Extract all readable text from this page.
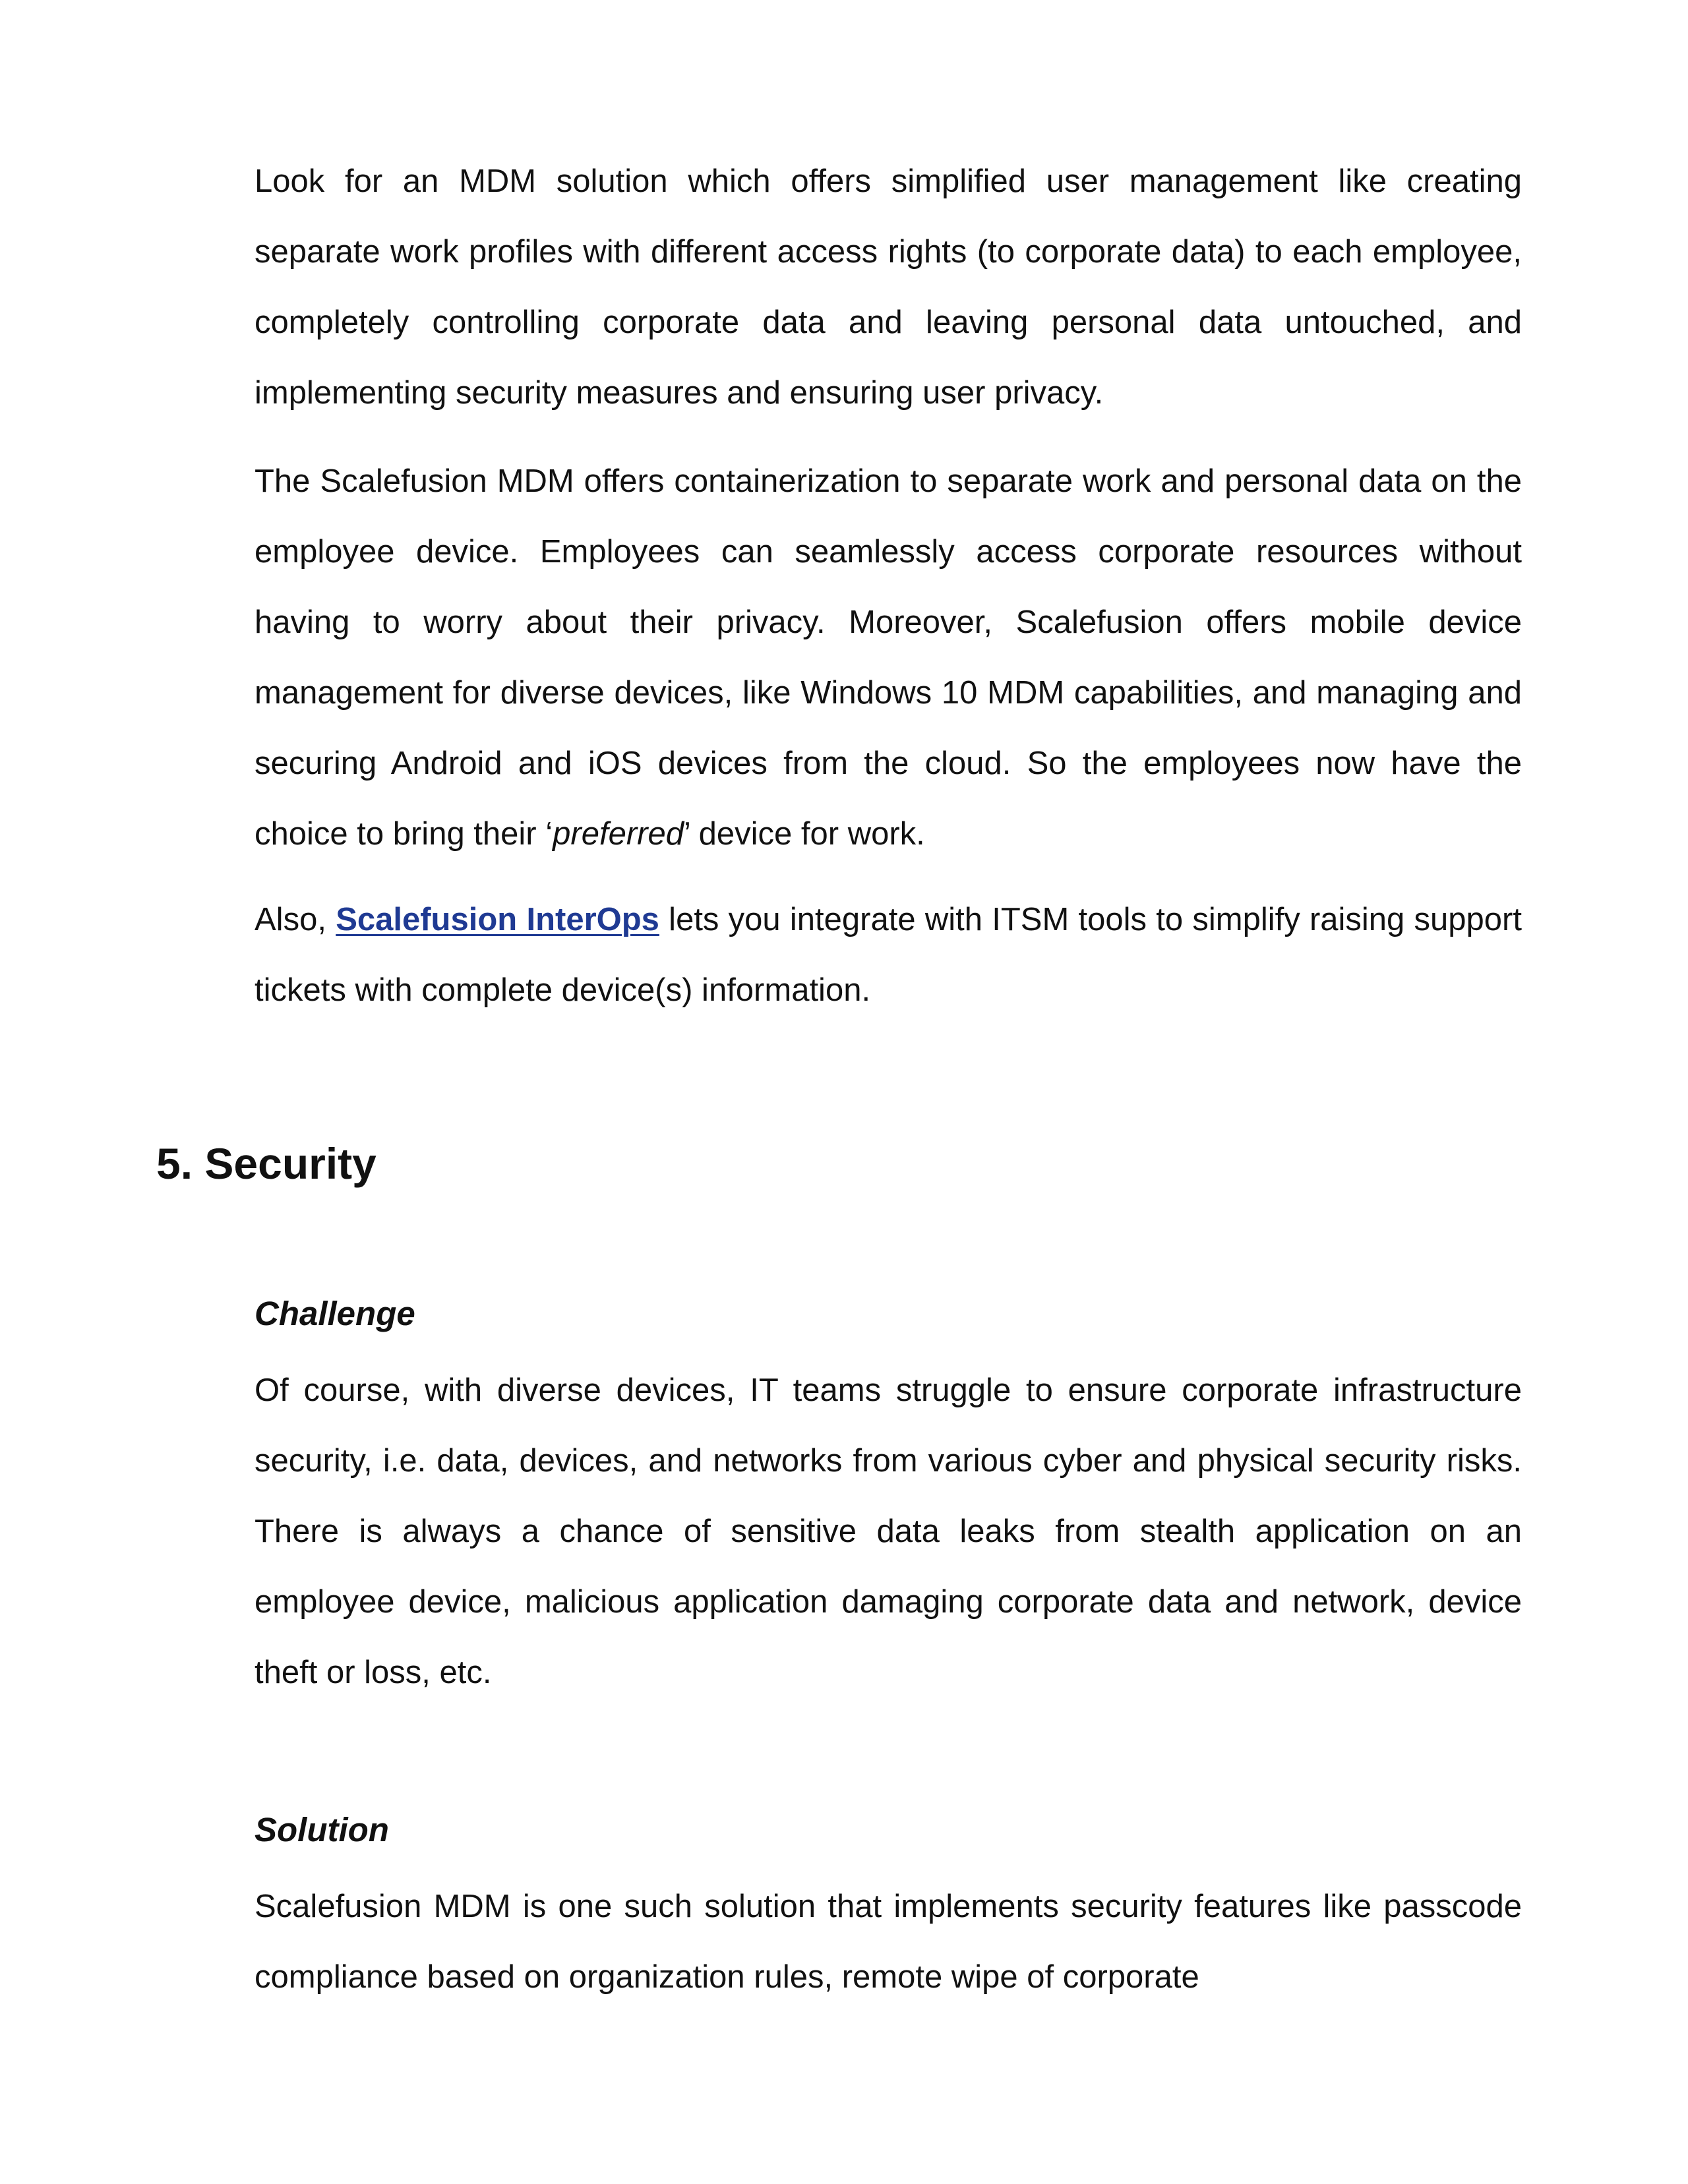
Look for an MDM solution which offers simplified user management like creating separate work profiles with different access rights (to corporate data) to each employee, completely controlling corporate data and leaving personal data untouched, and implementing security measures and ensuring user privacy.

The Scalefusion MDM offers containerization to separate work and personal data on the employee device. Employees can seamlessly access corporate resources without having to worry about their privacy. Moreover, Scalefusion offers mobile device management for diverse devices, like Windows 10 MDM capabilities, and managing and securing Android and iOS devices from the cloud. So the employees now have the choice to bring their ‘preferred’ device for work.

Also, Scalefusion InterOps lets you integrate with ITSM tools to simplify raising support tickets with complete device(s) information.

5. Security
Challenge

Of course, with diverse devices, IT teams struggle to ensure corporate infrastructure security, i.e. data, devices, and networks from various cyber and physical security risks. There is always a chance of sensitive data leaks from stealth application on an employee device, malicious application damaging corporate data and network, device theft or loss, etc.

Solution

Scalefusion MDM is one such solution that implements security features like passcode compliance based on organization rules, remote wipe of corporate
